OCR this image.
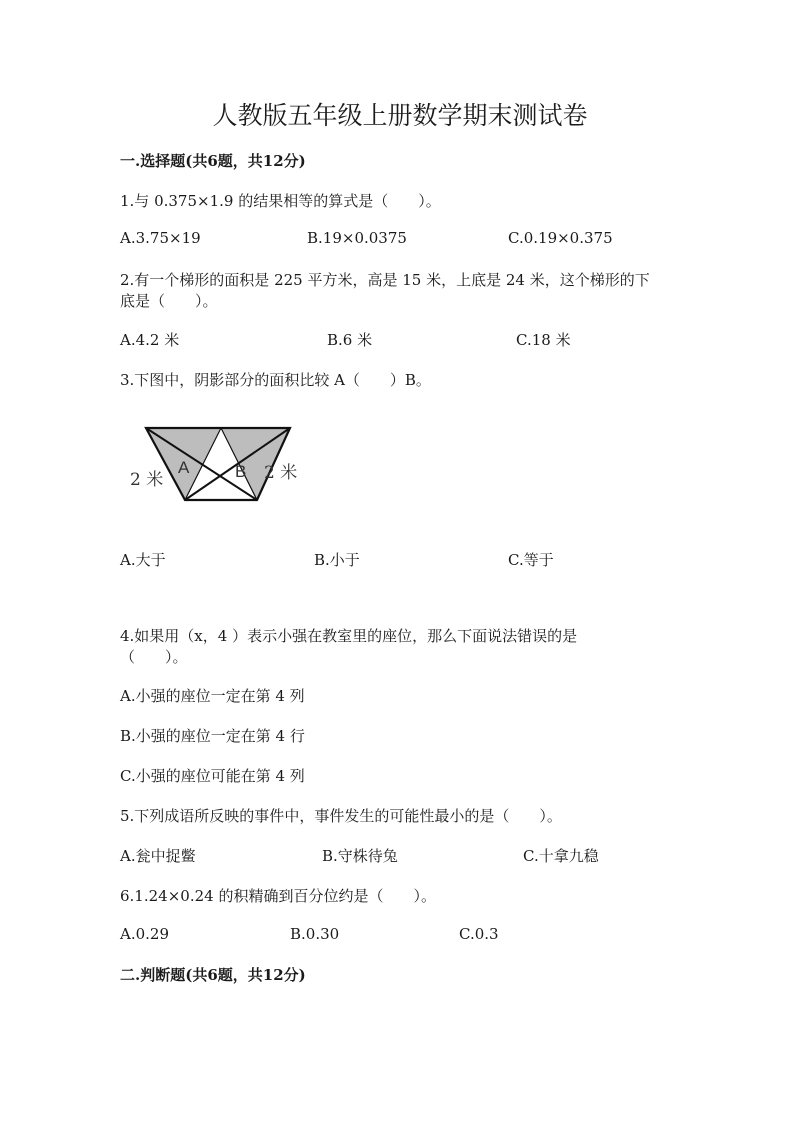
人教版五年级上册数学期末测试卷
一.选择题(共6题，共12分)
1.与 0.375×1.9 的结果相等的算式是（　　）。
A.3.75×19	B.19×0.0375	C.0.19×0.375
2.有一个梯形的面积是 225 平方米，高是 15 米，上底是 24 米，这个梯形的下
底是（　　）。
A.4.2 米	B.6 米	C.18 米
3.下图中，阴影部分的面积比较 A（　　）B。
A	B
2 米	2 米
A.大于	B.小于	C.等于
4.如果用（x，4 ）表示小强在教室里的座位，那么下面说法错误的是
（　　）。
A.小强的座位一定在第 4 列
B.小强的座位一定在第 4 行
C.小强的座位可能在第 4 列
5.下列成语所反映的事件中，事件发生的可能性最小的是（　　）。
A.瓮中捉鳖	B.守株待兔	C.十拿九稳
6.1.24×0.24 的积精确到百分位约是（　　）。
A.0.29	B.0.30	C.0.3
二.判断题(共6题，共12分)
